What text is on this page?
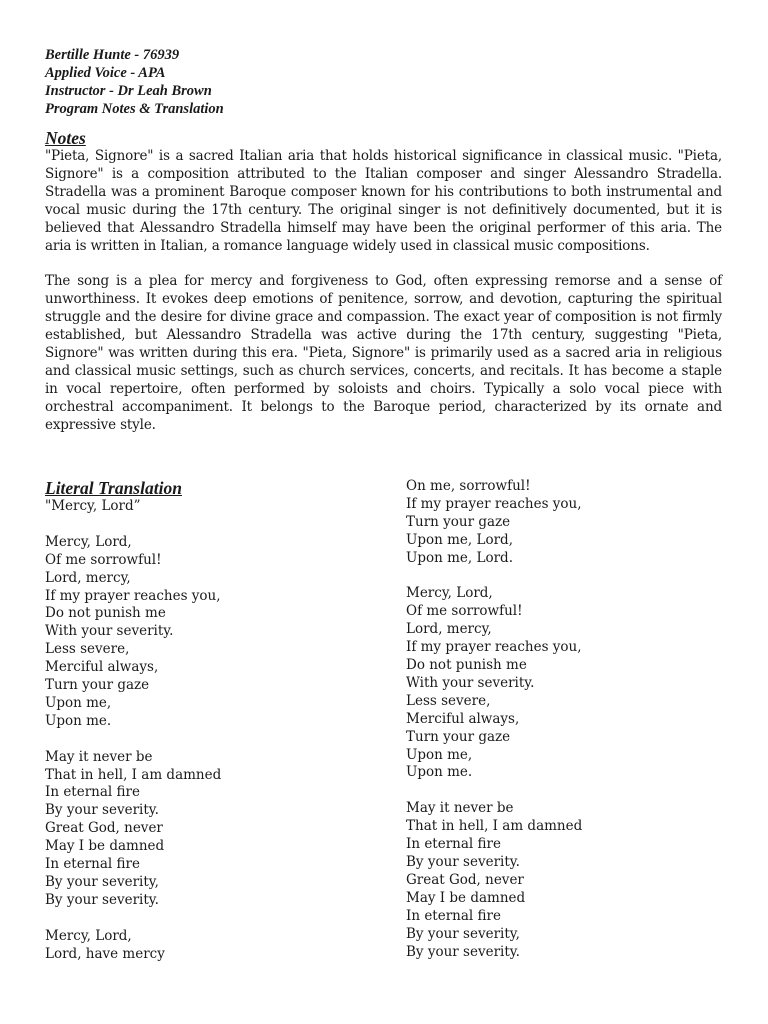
Bertille Hunte - 76939
Applied Voice - APA
Instructor - Dr Leah Brown
Program Notes & Translation
Notes

"Pieta, Signore" is a sacred Italian aria that holds historical significance in classical music. "Pieta, Signore" is a composition attributed to the Italian composer and singer Alessandro Stradella. Stradella was a prominent Baroque composer known for his contributions to both instrumental and vocal music during the 17th century. The original singer is not definitively documented, but it is believed that Alessandro Stradella himself may have been the original performer of this aria. The aria is written in Italian, a romance language widely used in classical music compositions.

The song is a plea for mercy and forgiveness to God, often expressing remorse and a sense of unworthiness. It evokes deep emotions of penitence, sorrow, and devotion, capturing the spiritual struggle and the desire for divine grace and compassion. The exact year of composition is not firmly established, but Alessandro Stradella was active during the 17th century, suggesting "Pieta, Signore" was written during this era. "Pieta, Signore" is primarily used as a sacred aria in religious and classical music settings, such as church services, concerts, and recitals. It has become a staple in vocal repertoire, often performed by soloists and choirs. Typically a solo vocal piece with orchestral accompaniment. It belongs to the Baroque period, characterized by its ornate and expressive style.

Literal Translation
"Mercy, Lord”
Mercy, Lord,
Of me sorrowful!
Lord, mercy,
If my prayer reaches you,
Do not punish me
With your severity.
Less severe,
Merciful always,
Turn your gaze
Upon me,
Upon me.
May it never be
That in hell, I am damned
In eternal fire
By your severity.
Great God, never
May I be damned
In eternal fire
By your severity,
By your severity.
Mercy, Lord,
Lord, have mercy
On me, sorrowful!
If my prayer reaches you,
Turn your gaze
Upon me, Lord,
Upon me, Lord.
Mercy, Lord,
Of me sorrowful!
Lord, mercy,
If my prayer reaches you,
Do not punish me
With your severity.
Less severe,
Merciful always,
Turn your gaze
Upon me,
Upon me.
May it never be
That in hell, I am damned
In eternal fire
By your severity.
Great God, never
May I be damned
In eternal fire
By your severity,
By your severity.
